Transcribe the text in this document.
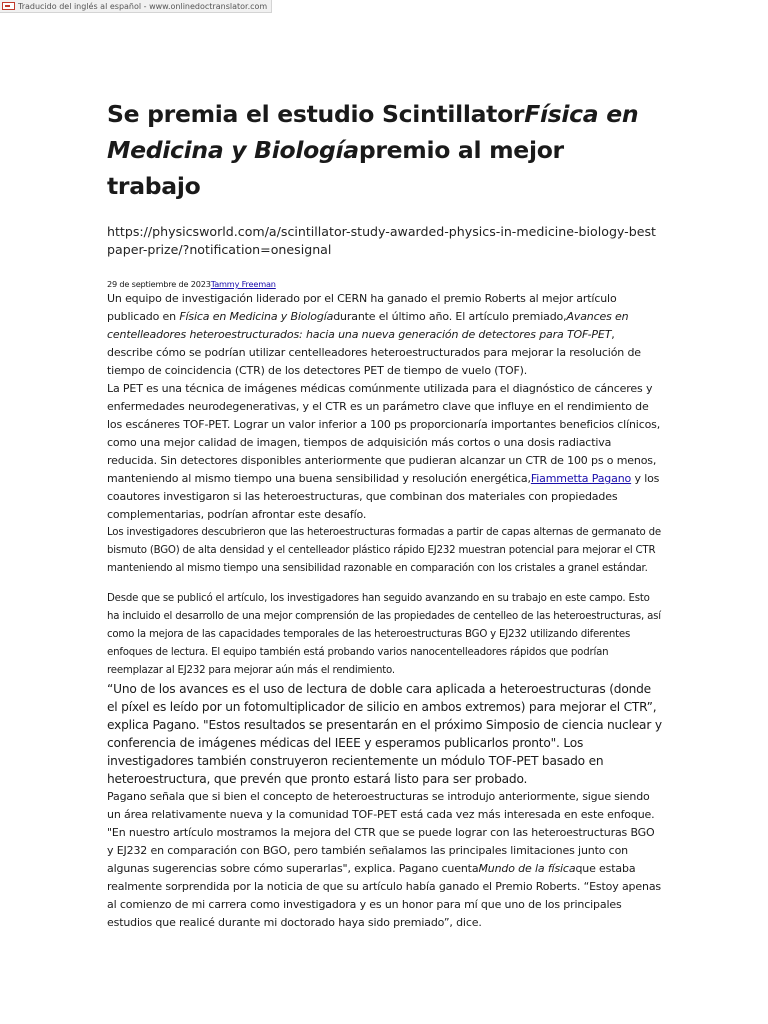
Traducido del inglés al español - www.onlinedoctranslator.com
Se premia el estudio ScintillatorFísica en Medicina y Biologíapremio al mejor trabajo
https://physicsworld.com/a/scintillator-study-awarded-physics-in-medicine-biology-bestpaper-prize/?notification=onesignal
29 de septiembre de 2023Tammy Freeman

Un equipo de investigación liderado por el CERN ha ganado el premio Roberts al mejor artículo publicado en Física en Medicina y Biologíadurante el último año. El artículo premiado,Avances en centelleadores heteroestructurados: hacia una nueva generación de detectores para TOF-PET, describe cómo se podrían utilizar centelleadores heteroestructurados para mejorar la resolución de tiempo de coincidencia (CTR) de los detectores PET de tiempo de vuelo (TOF).

La PET es una técnica de imágenes médicas comúnmente utilizada para el diagnóstico de cánceres y enfermedades neurodegenerativas, y el CTR es un parámetro clave que influye en el rendimiento de los escáneres TOF-PET. Lograr un valor inferior a 100 ps proporcionaría importantes beneficios clínicos, como una mejor calidad de imagen, tiempos de adquisición más cortos o una dosis radiactiva reducida. Sin detectores disponibles anteriormente que pudieran alcanzar un CTR de 100 ps o menos, manteniendo al mismo tiempo una buena sensibilidad y resolución energética,Fiammetta Pagano y los coautores investigaron si las heteroestructuras, que combinan dos materiales con propiedades complementarias, podrían afrontar este desafío.

Los investigadores descubrieron que las heteroestructuras formadas a partir de capas alternas de germanato de bismuto (BGO) de alta densidad y el centelleador plástico rápido EJ232 muestran potencial para mejorar el CTR manteniendo al mismo tiempo una sensibilidad razonable en comparación con los cristales a granel estándar.

Desde que se publicó el artículo, los investigadores han seguido avanzando en su trabajo en este campo. Esto ha incluido el desarrollo de una mejor comprensión de las propiedades de centelleo de las heteroestructuras, así como la mejora de las capacidades temporales de las heteroestructuras BGO y EJ232 utilizando diferentes enfoques de lectura. El equipo también está probando varios nanocentelleadores rápidos que podrían reemplazar al EJ232 para mejorar aún más el rendimiento.

“Uno de los avances es el uso de lectura de doble cara aplicada a heteroestructuras (donde el píxel es leído por un fotomultiplicador de silicio en ambos extremos) para mejorar el CTR”, explica Pagano. "Estos resultados se presentarán en el próximo Simposio de ciencia nuclear y conferencia de imágenes médicas del IEEE y esperamos publicarlos pronto". Los investigadores también construyeron recientemente un módulo TOF-PET basado en heteroestructura, que prevén que pronto estará listo para ser probado.

Pagano señala que si bien el concepto de heteroestructuras se introdujo anteriormente, sigue siendo un área relativamente nueva y la comunidad TOF-PET está cada vez más interesada en este enfoque. "En nuestro artículo mostramos la mejora del CTR que se puede lograr con las heteroestructuras BGO y EJ232 en comparación con BGO, pero también señalamos las principales limitaciones junto con algunas sugerencias sobre cómo superarlas", explica. Pagano cuentaMundo de la físicaque estaba realmente sorprendida por la noticia de que su artículo había ganado el Premio Roberts. “Estoy apenas al comienzo de mi carrera como investigadora y es un honor para mí que uno de los principales estudios que realicé durante mi doctorado haya sido premiado”, dice.
